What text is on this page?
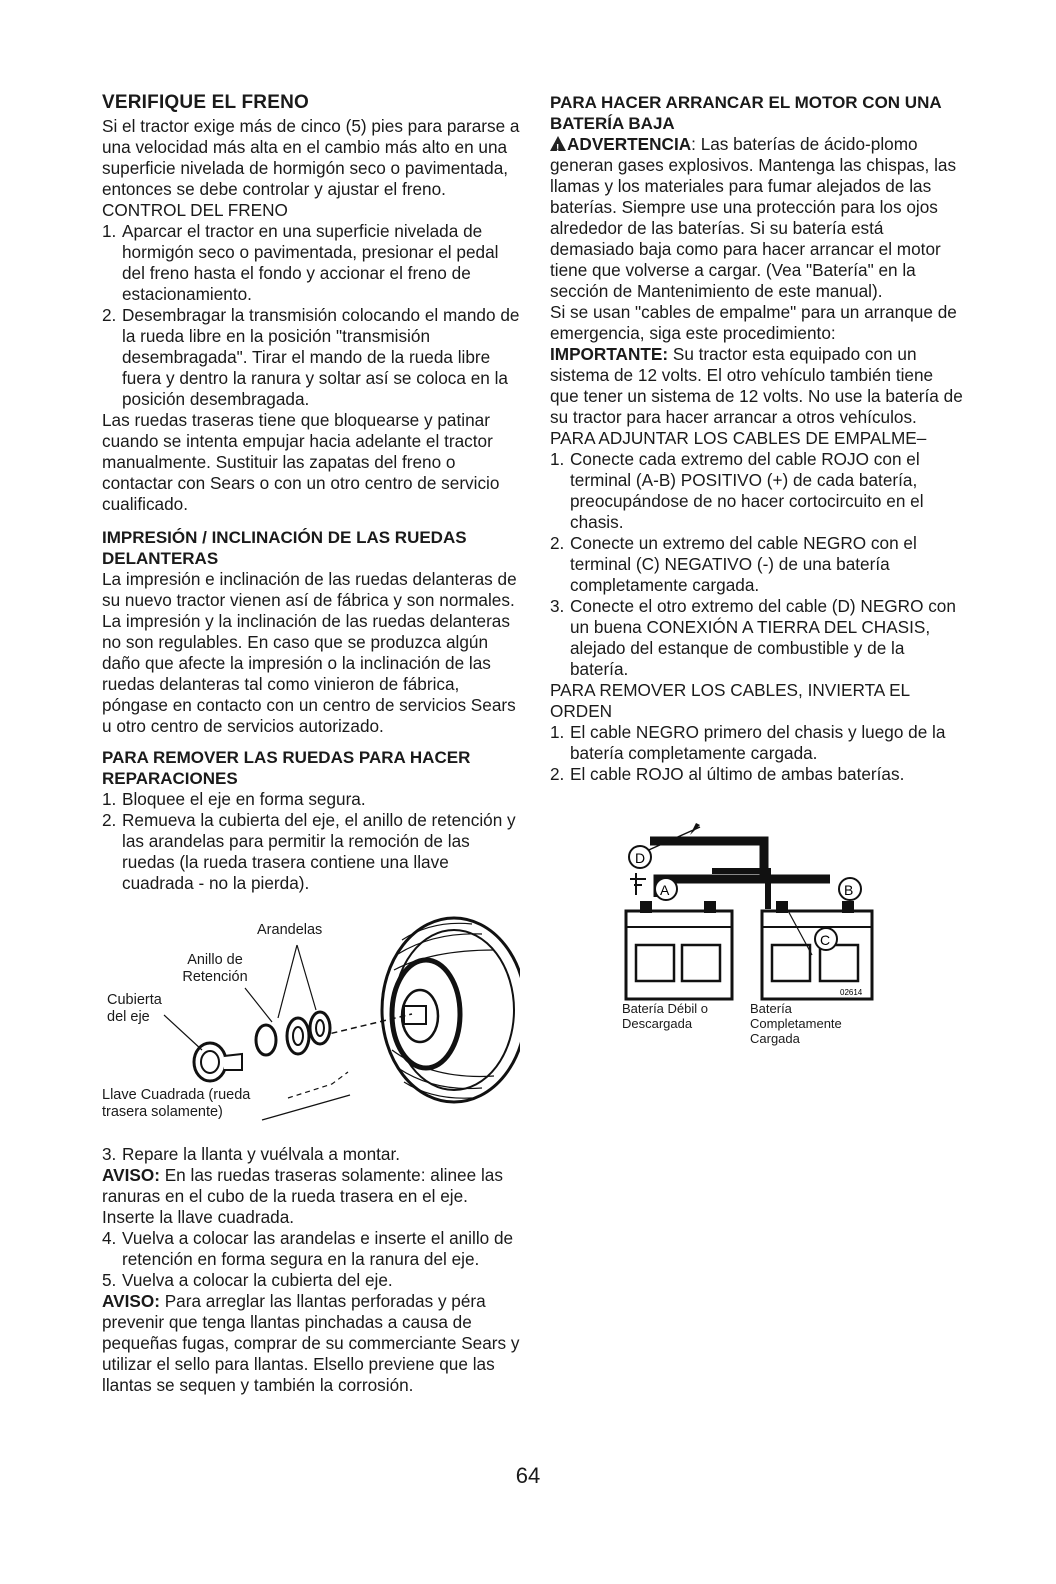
VERIFIQUE EL FRENO

Si el tractor exige más de cinco (5) pies para pararse a una velocidad más alta en el cambio más alto en una superficie nivelada de hormigón seco o pavimentada, entonces se debe controlar y ajustar el freno.

CONTROL DEL FRENO

1. Aparcar el tractor en una superficie nivelada de hormigón seco o pavimentada, presionar el pedal del freno hasta el fondo y accionar el freno de estacionamiento.
2. Desembragar la transmisión colocando el mando de la rueda libre en la posición "transmisión desembragada". Tirar el mando de la rueda libre fuera y dentro la ranura y soltar así se coloca en la posición desembragada.

Las ruedas traseras tiene que bloquearse y patinar cuando se intenta empujar hacia adelante el tractor manualmente. Sustituir las zapatas del freno o contactar con Sears o con un otro centro de servicio cualificado.

IMPRESIÓN / INCLINACIÓN DE LAS RUEDAS DELANTERAS

La impresión e inclinación de las ruedas delanteras de su nuevo tractor vienen así de fábrica y son normales. La impresión y la inclinación de las ruedas delanteras no son regulables. En caso que se produzca algún daño que afecte la impresión o la inclinación de las ruedas delanteras tal como vinieron de fábrica, póngase en contacto con un centro de servicios Sears u otro centro de servicios autorizado.

PARA REMOVER LAS RUEDAS PARA HACER REPARACIONES
1. Bloquee el eje en forma segura.
2. Remueva la cubierta del eje, el anillo de retención y las arandelas para permitir la remoción de las ruedas (la rueda trasera contiene una llave cuadrada - no la pierda).
Arandelas
Anillo de Retención
Cubierta del eje
Llave Cuadrada (rueda trasera solamente)
3. Repare la llanta y vuélvala a montar.

AVISO: En las ruedas traseras solamente: alinee las ranuras en el cubo de la rueda trasera en el eje. Inserte la llave cuadrada.

4. Vuelva a colocar las arandelas e inserte el anillo de retención en forma segura en la ranura del eje.
5. Vuelva a colocar la cubierta del eje.

AVISO: Para arreglar las llantas perforadas y péra prevenir que tenga llantas pinchadas a causa de pequeñas fugas, comprar de su commerciante Sears y utilizar el sello para llantas. Elsello previene que las llantas se sequen y también la corrosión.

PARA HACER ARRANCAR EL MOTOR CON UNA BATERÍA BAJA

!ADVERTENCIA: Las baterías de ácido-plomo generan gases explosivos. Mantenga las chispas, las llamas y los materiales para fumar alejados de las baterías. Siempre use una protección para los ojos alrededor de las baterías. Si su batería está demasiado baja como para hacer arrancar el motor tiene que volverse a cargar. (Vea "Batería" en la sección de Mantenimiento de este manual).

Si se usan "cables de empalme" para un arranque de emergencia, siga este procedimiento:

IMPORTANTE: Su tractor esta equipado con un sistema de 12 volts. El otro vehículo también tiene que tener un sistema de 12 volts. No use la batería de su tractor para hacer arrancar a otros vehículos.

PARA ADJUNTAR LOS CABLES DE EMPALME–

1. Conecte cada extremo del cable ROJO con el terminal (A-B) POSITIVO (+) de cada batería, preocupándose de no hacer cortocircuito en el chasis.
2. Conecte un extremo del cable NEGRO con el terminal (C) NEGATIVO (-) de una batería completamente cargada.
3. Conecte el otro extremo del cable (D) NEGRO con un buena CONEXIÓN A TIERRA DEL CHASIS, alejado del estanque de combustible y de la batería.

PARA REMOVER LOS CABLES, INVIERTA EL ORDEN

1. El cable NEGRO primero del chasis y luego de la batería completamente cargada.
2. El cable ROJO al último de ambas baterías.
D
A	B
C
02614
Batería Débil o Descargada
Batería Completamente Cargada
64
